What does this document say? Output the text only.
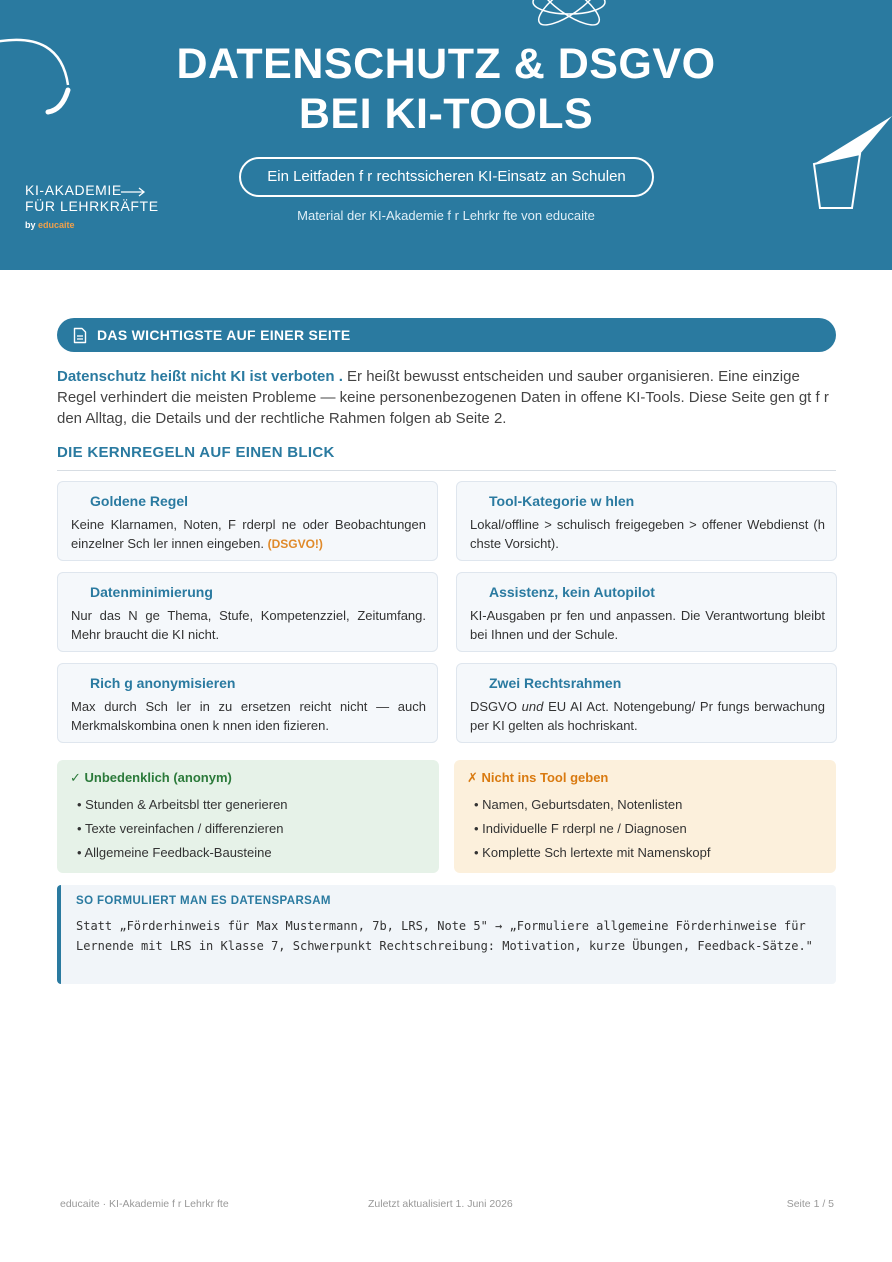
DATENSCHUTZ & DSGVO
BEI KI-TOOLS
Ein Leitfaden f r rechtssicheren KI-Einsatz an Schulen
Material der KI-Akademie f r Lehrkr fte von educaite
KI-AKADEMIE
FÜR LEHRKRÄFTE
by educaite
DAS WICHTIGSTE AUF EINER SEITE

Datenschutz heißt nicht KI ist verboten . Er heißt bewusst entscheiden und sauber organisieren. Eine einzige Regel verhindert die meisten Probleme — keine personenbezogenen Daten in offene KI-Tools. Diese Seite gen gt f r den Alltag, die Details und der rechtliche Rahmen folgen ab Seite 2.

DIE KERNREGELN AUF EINEN BLICK
Goldene Regel
Keine Klarnamen, Noten, F rderpl ne oder Beobachtungen einzelner Sch ler innen eingeben. (DSGVO!)
Tool-Kategorie w hlen
Lokal/offline > schulisch freigegeben > offener Webdienst (h chste Vorsicht).
Datenminimierung
Nur das N ge Thema, Stufe, Kompetenzziel, Zeitumfang. Mehr braucht die KI nicht.
Assistenz, kein Autopilot
KI-Ausgaben pr fen und anpassen. Die Verantwortung bleibt bei Ihnen und der Schule.
Rich g anonymisieren
Max durch Sch ler in zu ersetzen reicht nicht — auch Merkmalskombina onen k nnen iden fizieren.
Zwei Rechtsrahmen
DSGVO und EU AI Act. Notengebung/ Pr fungs berwachung per KI gelten als hochriskant.
✓ Unbedenklich (anonym)
• Stunden & Arbeitsbl tter generieren
• Texte vereinfachen / differenzieren
• Allgemeine Feedback-Bausteine
✗ Nicht ins Tool geben
• Namen, Geburtsdaten, Notenlisten
• Individuelle F rderpl ne / Diagnosen
• Komplette Sch lertexte mit Namenskopf
SO FORMULIERT MAN ES DATENSPARSAM
Statt „Förderhinweis für Max Mustermann, 7b, LRS, Note 5" → „Formuliere allgemeine Förderhinweise für Lernende mit LRS in Klasse 7, Schwerpunkt Rechtschreibung: Motivation, kurze Übungen, Feedback-Sätze."
educaite · KI-Akademie f r Lehrkr fte	Zuletzt aktualisiert 1. Juni 2026	Seite 1 / 5
